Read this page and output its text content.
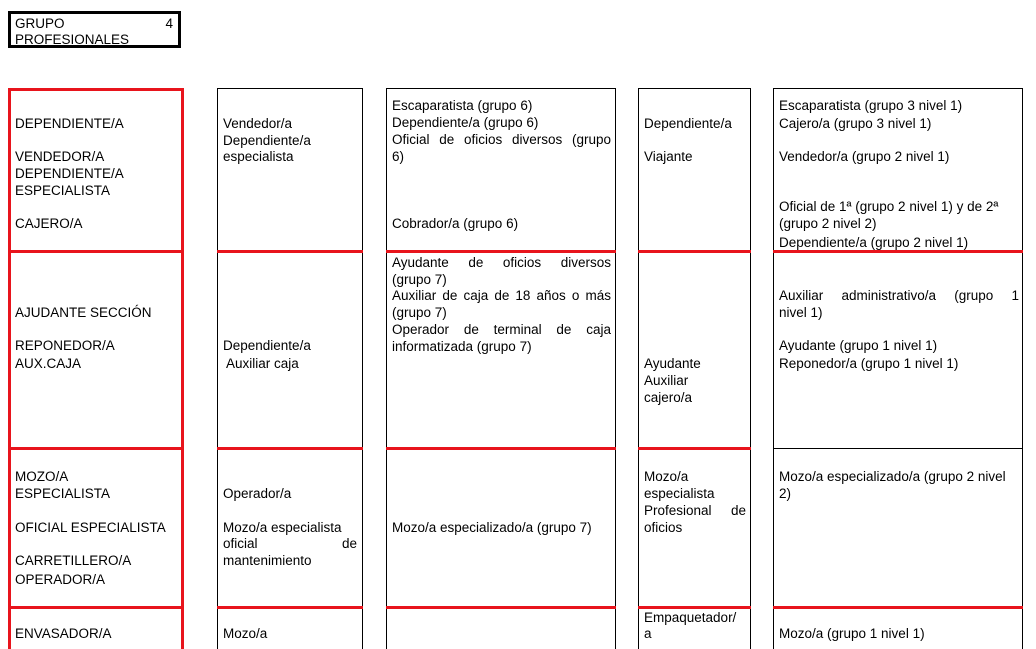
GRUPO
PROFESIONALES
4
DEPENDIENTE/A
VENDEDOR/A
DEPENDIENTE/A
ESPECIALISTA
CAJERO/A
Vendedor/a
Dependiente/a
especialista
Escaparatista (grupo 6)
Dependiente/a (grupo 6)
Oficial de oficios diversos (grupo
6)
Cobrador/a (grupo 6)
Dependiente/a
Viajante
Escaparatista (grupo 3 nivel 1)
Cajero/a (grupo 3 nivel 1)
Vendedor/a (grupo 2 nivel 1)
Oficial de 1ª (grupo 2 nivel 1) y de 2ª
(grupo 2 nivel 2)
Dependiente/a (grupo 2 nivel 1)
AJUDANTE SECCIÓN
REPONEDOR/A
AUX.CAJA
Dependiente/a
Auxiliar caja
Ayudante de oficios diversos
(grupo 7)
Auxiliar de caja de 18 años o más
(grupo 7)
Operador de terminal de caja
informatizada (grupo 7)
Ayudante
Auxiliar
cajero/a
Auxiliar administrativo/a (grupo 1
nivel 1)
Ayudante (grupo 1 nivel 1)
Reponedor/a (grupo 1 nivel 1)
MOZO/A
ESPECIALISTA
OFICIAL ESPECIALISTA
CARRETILLERO/A
OPERADOR/A
Operador/a
Mozo/a especialista
oficial de
mantenimiento
Mozo/a especializado/a (grupo 7)
Mozo/a
especialista
Profesional de
oficios
Mozo/a especializado/a (grupo 2 nivel
2)
ENVASADOR/A	Mozo/a
Empaquetador/
a	Mozo/a (grupo 1 nivel 1)
